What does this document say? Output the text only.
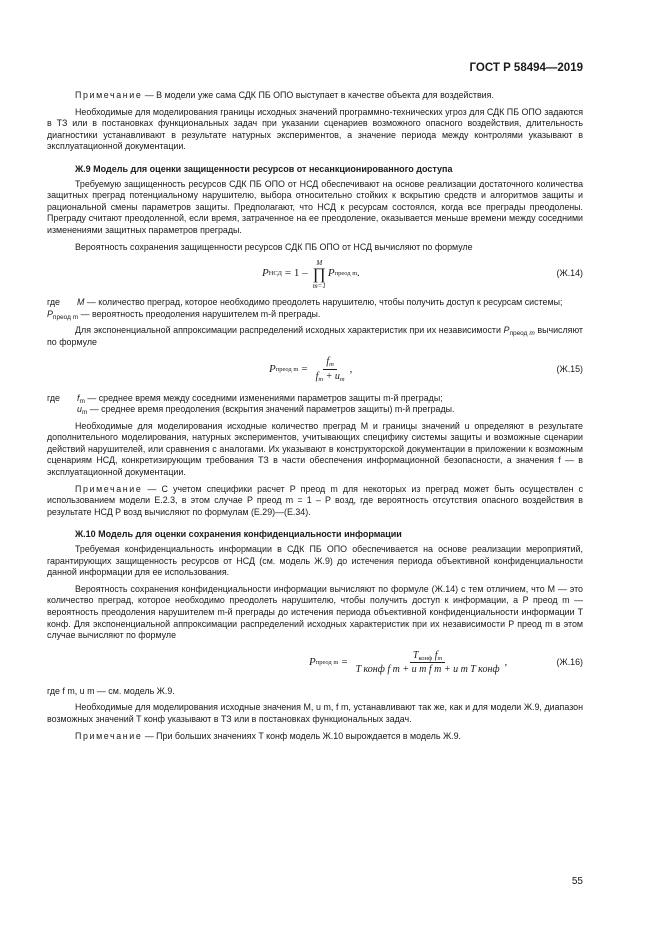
ГОСТ Р 58494—2019

Примечание — В модели уже сама СДК ПБ ОПО выступает в качестве объекта для воздействия.

Необходимые для моделирования границы исходных значений программно-технических угроз для СДК ПБ ОПО задаются в ТЗ или в постановках функциональных задач при указании сценариев возможного опасного воздействия, длительность диагностики устанавливают в результате натурных экспериментов, а значение периода между контролями указывают в эксплуатационной документации.

Ж.9 Модель для оценки защищенности ресурсов от несанкционированного доступа

Требуемую защищенность ресурсов СДК ПБ ОПО от НСД обеспечивают на основе реализации достаточного количества защитных преград потенциальному нарушителю, выбора относительно стойких к вскрытию средств и алгоритмов защиты и рациональной смены параметров защиты. Предполагают, что НСД к ресурсам состоялся, когда все преграды преодолены. Преграду считают преодоленной, если время, затраченное на ее преодоление, оказывается меньше времени между соседними изменениями защитных параметров преграды.

Вероятность сохранения защищенности ресурсов СДК ПБ ОПО от НСД вычисляют по формуле

P НСД = 1 –
M
∏
m=1
P преод m .	(Ж.14)
где	M — количество преград, которое необходимо преодолеть нарушителю, чтобы получить доступ к ресурсам системы;
$P_{преод m}$ — вероятность преодоления нарушителем m-й преграды.

Для экспоненциальной аппроксимации распределений исходных характеристик при их независимости $P_{преод m}$ вычисляют по формуле

P преод $m = \frac{f_m}{f_m + u_m}$ ,	(Ж.15)
где	$f_m$ — среднее время между соседними изменениями параметров защиты m-й преграды;
$u_m$ — среднее время преодоления (вскрытия значений параметров защиты) m-й преграды.

Необходимые для моделирования исходные количество преград M и границы значений u определяют в результате дополнительного моделирования, натурных экспериментов, учитывающих специфику системы защиты и возможные сценарии действий нарушителей, или сравнения с аналогами. Их указывают в конструкторской документации в приложении к возможным сценариям НСД, конкретизирующим требования ТЗ в части обеспечения информационной безопасности, а значения f — в эксплуатационной документации.

Примечание — С учетом специфики расчет P преод m для некоторых из преград может быть осуществлен с использованием модели Е.2.3, в этом случае P преод m = 1 – P возд, где вероятность отсутствия опасного воздействия в результате НСД P возд вычисляют по формулам (Е.29)—(Е.34).

Ж.10 Модель для оценки сохранения конфиденциальности информации

Требуемая конфиденциальность информации в СДК ПБ ОПО обеспечивается на основе реализации мероприятий, гарантирующих защищенность ресурсов от НСД (см. модель Ж.9) до истечения периода объективной конфиденциальности данной информации для ее использования.

Вероятность сохранения конфиденциальности информации вычисляют по формуле (Ж.14) с тем отличием, что M — это количество преград, которое необходимо преодолеть нарушителю, чтобы получить доступ к информации, а P преод m — вероятность преодоления нарушителем m-й преграды до истечения периода объективной конфиденциальности информации T конф. Для экспоненциальной аппроксимации распределений исходных характеристик при их независимости P преод m в этом случае вычисляют по формуле

P преод $m = \frac{T_{конф} f_m}{\text{T конф f m + u m f m + u m T конф}}$ ,	(Ж.16)

где f m, u m — см. модель Ж.9.

Необходимые для моделирования исходные значения M, u m, f m, устанавливают так же, как и для модели Ж.9, диапазон возможных значений T конф указывают в ТЗ или в постановках функциональных задач.

Примечание — При больших значениях T конф модель Ж.10 вырождается в модель Ж.9.

55
